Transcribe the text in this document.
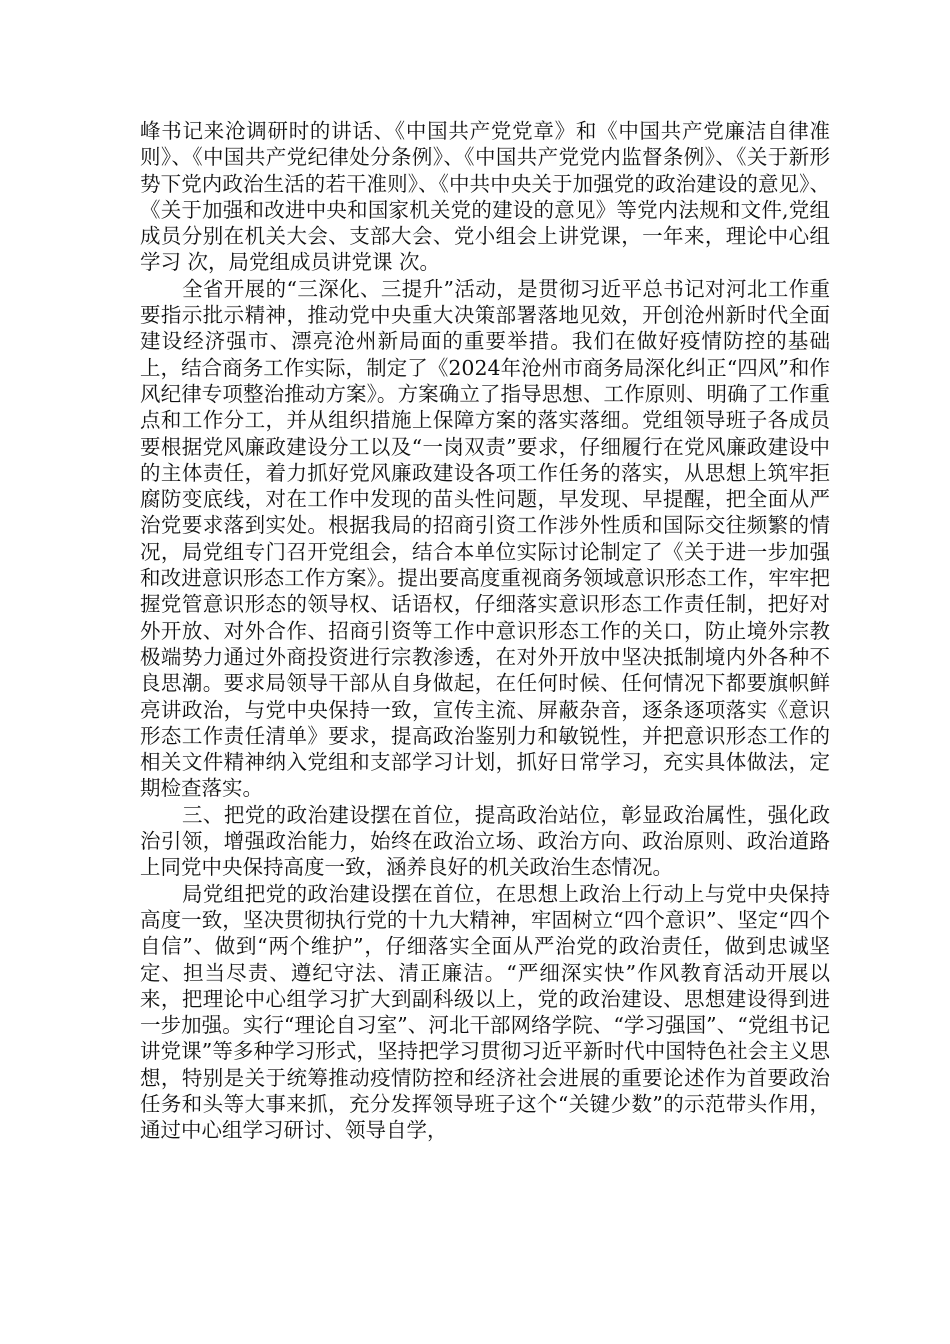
峰书记来沧调研时的讲话、《中国共产党党章》和《中国共产党廉洁自律准则》、《中国共产党纪律处分条例》、《中国共产党党内监督条例》、《关于新形势下党内政治生活的若干准则》、《中共中央关于加强党的政治建设的意见》、《关于加强和改进中央和国家机关党的建设的意见》等党内法规和文件,党组成员分别在机关大会、支部大会、党小组会上讲党课，一年来，理论中心组学习 次，局党组成员讲党课 次。

全省开展的“三深化、三提升”活动，是贯彻习近平总书记对河北工作重要指示批示精神，推动党中央重大决策部署落地见效，开创沧州新时代全面建设经济强市、漂亮沧州新局面的重要举措。我们在做好疫情防控的基础上，结合商务工作实际，制定了《2024年沧州市商务局深化纠正“四风”和作风纪律专项整治推动方案》。方案确立了指导思想、工作原则、明确了工作重点和工作分工，并从组织措施上保障方案的落实落细。党组领导班子各成员要根据党风廉政建设分工以及“一岗双责”要求，仔细履行在党风廉政建设中的主体责任，着力抓好党风廉政建设各项工作任务的落实，从思想上筑牢拒腐防变底线，对在工作中发现的苗头性问题，早发现、早提醒，把全面从严治党要求落到实处。根据我局的招商引资工作涉外性质和国际交往频繁的情况，局党组专门召开党组会，结合本单位实际讨论制定了《关于进一步加强和改进意识形态工作方案》。提出要高度重视商务领域意识形态工作，牢牢把握党管意识形态的领导权、话语权，仔细落实意识形态工作责任制，把好对外开放、对外合作、招商引资等工作中意识形态工作的关口，防止境外宗教极端势力通过外商投资进行宗教渗透，在对外开放中坚决抵制境内外各种不良思潮。要求局领导干部从自身做起，在任何时候、任何情况下都要旗帜鲜亮讲政治，与党中央保持一致，宣传主流、屏蔽杂音，逐条逐项落实《意识形态工作责任清单》要求，提高政治鉴别力和敏锐性，并把意识形态工作的相关文件精神纳入党组和支部学习计划，抓好日常学习，充实具体做法，定期检查落实。

三、把党的政治建设摆在首位，提高政治站位，彰显政治属性，强化政治引领，增强政治能力，始终在政治立场、政治方向、政治原则、政治道路上同党中央保持高度一致，涵养良好的机关政治生态情况。

局党组把党的政治建设摆在首位，在思想上政治上行动上与党中央保持高度一致，坚决贯彻执行党的十九大精神，牢固树立“四个意识”、坚定“四个自信”、做到“两个维护”，仔细落实全面从严治党的政治责任，做到忠诚坚定、担当尽责、遵纪守法、清正廉洁。“严细深实快”作风教育活动开展以来，把理论中心组学习扩大到副科级以上，党的政治建设、思想建设得到进一步加强。实行“理论自习室”、河北干部网络学院、“学习强国”、“党组书记讲党课”等多种学习形式，坚持把学习贯彻习近平新时代中国特色社会主义思想，特别是关于统筹推动疫情防控和经济社会进展的重要论述作为首要政治任务和头等大事来抓，充分发挥领导班子这个“关键少数”的示范带头作用，通过中心组学习研讨、领导自学，
